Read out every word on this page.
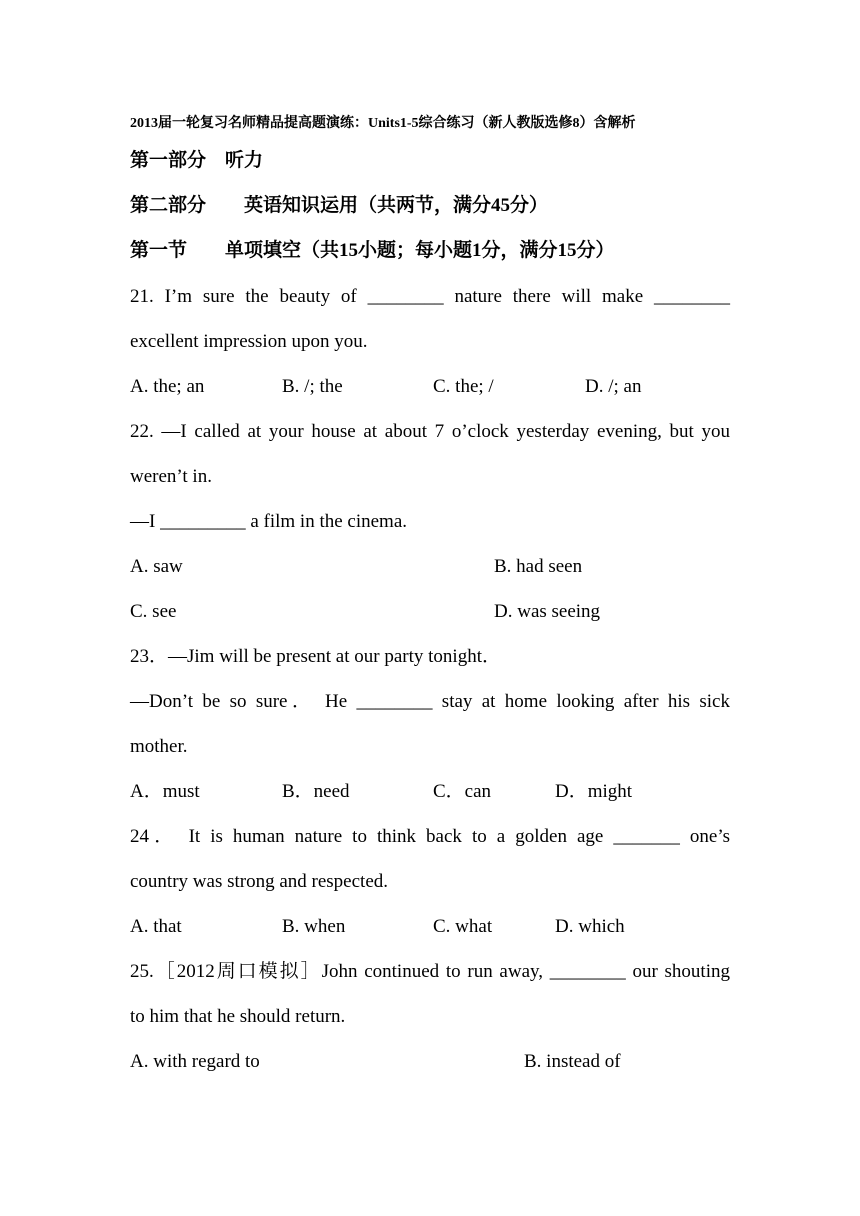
2013届一轮复习名师精品提高题演练：Units1-5综合练习（新人教版选修8）含解析
第一部分　听力
第二部分　　英语知识运用（共两节，满分45分）
第一节　　单项填空（共15小题；每小题1分，满分15分）
21. I’m sure the beauty of ________ nature there will make ________
excellent impression upon you.
A. the; an	B. /; the	C. the; /	D. /; an
22. —I called at your house at about 7 o’clock yesterday evening, but you
weren’t in.
—I _________ a film in the cinema.
A. saw	B. had seen
C. see	D. was seeing
23．—Jim will be present at our party tonight．
—Don’t be so sure． He ________ stay at home looking after his sick
mother.
A．must	B．need	C．can	D．might
24． It is human nature to think back to a golden age _______ one’s
country was strong and respected.
A. that	B. when	C. what	D. which
25.［2012周口模拟］John continued to run away, ________ our shouting
to him that he should return.
A. with regard to	B. instead of
